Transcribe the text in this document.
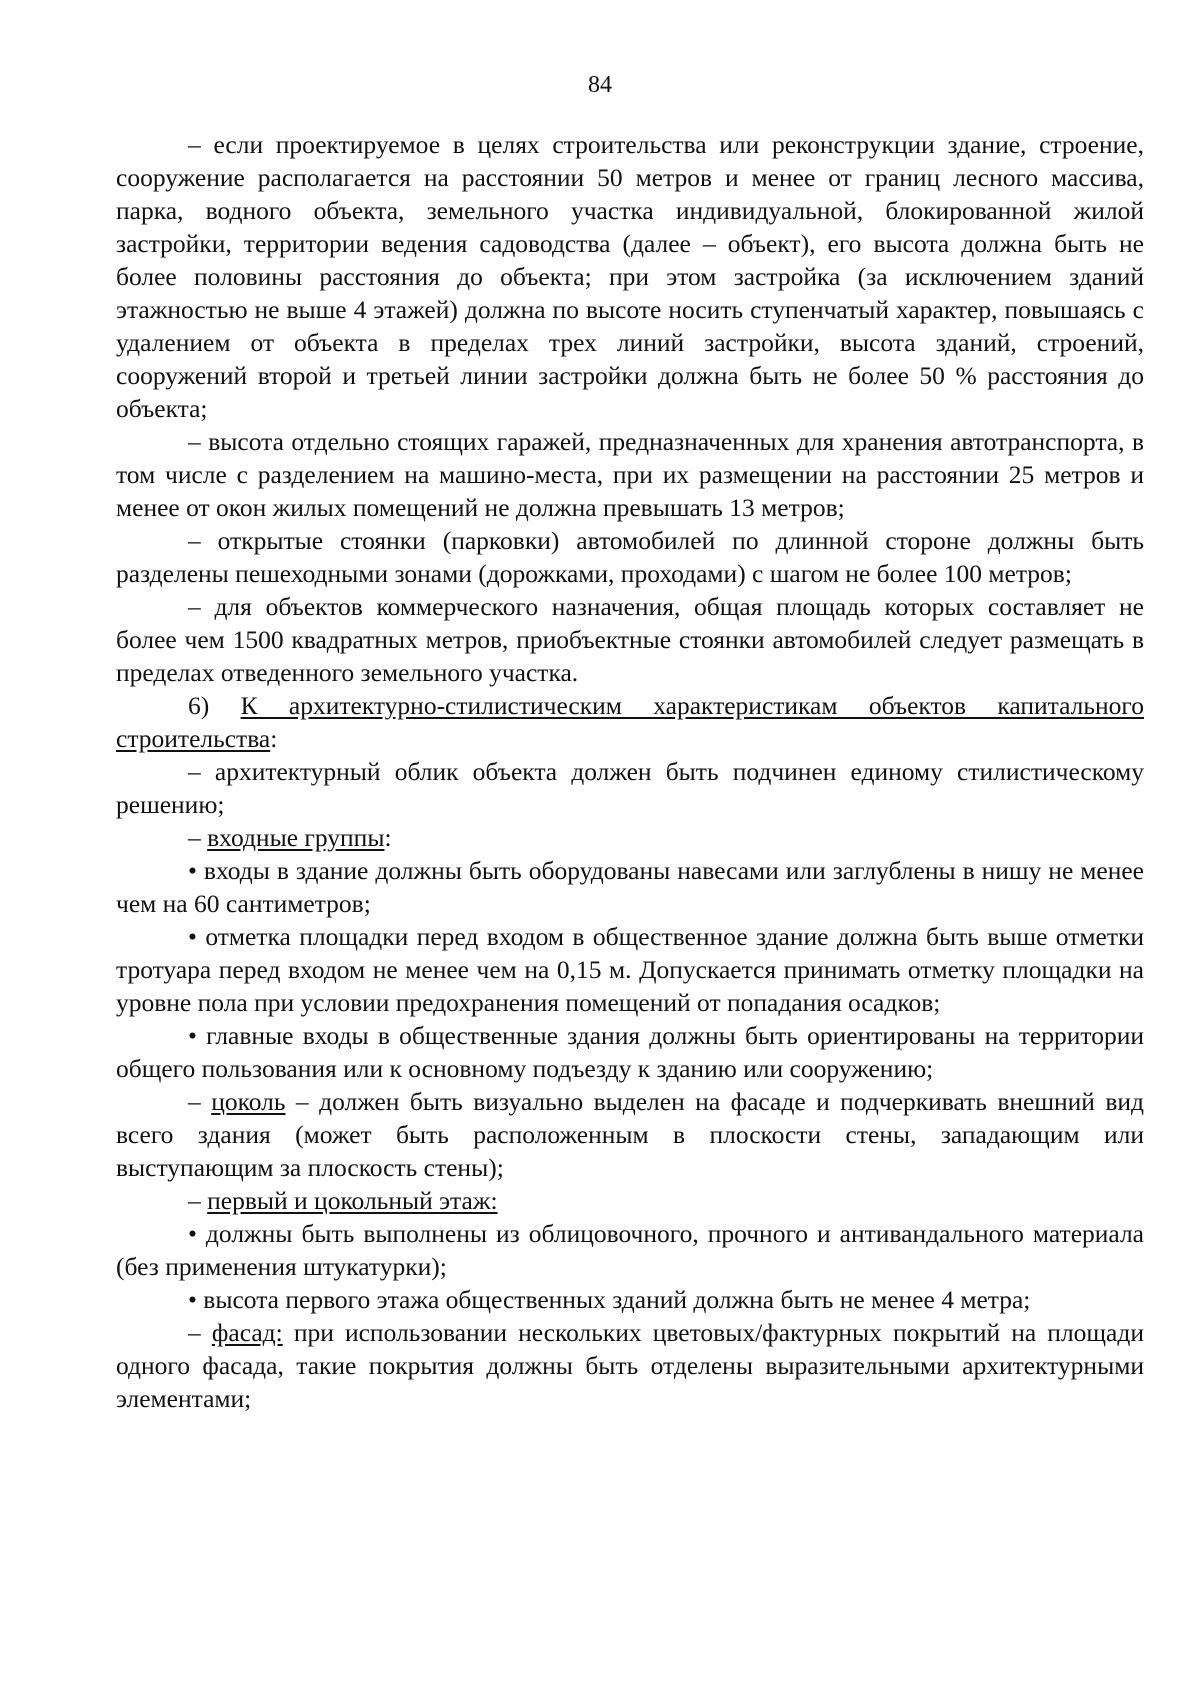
84

– если проектируемое в целях строительства или реконструкции здание, строение, сооружение располагается на расстоянии 50 метров и менее от границ лесного массива, парка, водного объекта, земельного участка индивидуальной, блокированной жилой застройки, территории ведения садоводства (далее – объект), его высота должна быть не более половины расстояния до объекта; при этом застройка (за исключением зданий этажностью не выше 4 этажей) должна по высоте носить ступенчатый характер, повышаясь с удалением от объекта в пределах трех линий застройки, высота зданий, строений, сооружений второй и третьей линии застройки должна быть не более 50 % расстояния до объекта;

– высота отдельно стоящих гаражей, предназначенных для хранения автотранспорта, в том числе с разделением на машино-места, при их размещении на расстоянии 25 метров и менее от окон жилых помещений не должна превышать 13 метров;

– открытые стоянки (парковки) автомобилей по длинной стороне должны быть разделены пешеходными зонами (дорожками, проходами) с шагом не более 100 метров;

– для объектов коммерческого назначения, общая площадь которых составляет не более чем 1500 квадратных метров, приобъектные стоянки автомобилей следует размещать в пределах отведенного земельного участка.

6) К архитектурно-стилистическим характеристикам объектов капитального строительства:

– архитектурный облик объекта должен быть подчинен единому стилистическому решению;

– входные группы:

• входы в здание должны быть оборудованы навесами или заглублены в нишу не менее чем на 60 сантиметров;

• отметка площадки перед входом в общественное здание должна быть выше отметки тротуара перед входом не менее чем на 0,15 м. Допускается принимать отметку площадки на уровне пола при условии предохранения помещений от попадания осадков;

• главные входы в общественные здания должны быть ориентированы на территории общего пользования или к основному подъезду к зданию или сооружению;

– цоколь – должен быть визуально выделен на фасаде и подчеркивать внешний вид всего здания (может быть расположенным в плоскости стены, западающим или выступающим за плоскость стены);

– первый и цокольный этаж:

• должны быть выполнены из облицовочного, прочного и антивандального материала (без применения штукатурки);

• высота первого этажа общественных зданий должна быть не менее 4 метра;

– фасад: при использовании нескольких цветовых/фактурных покрытий на площади одного фасада, такие покрытия должны быть отделены выразительными архитектурными элементами;
